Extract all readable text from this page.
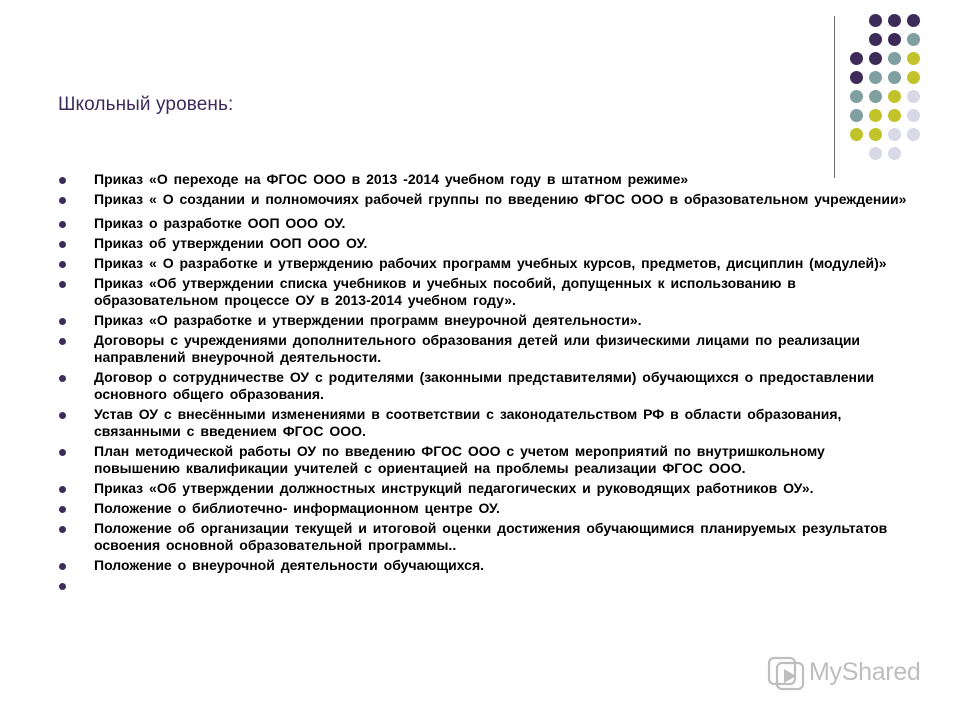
Школьный уровень:
Приказ «О переходе на ФГОС ООО в 2013 -2014 учебном году в штатном режиме»
Приказ « О создании и полномочиях рабочей группы по введению ФГОС ООО в образовательном учреждении»
Приказ о разработке ООП ООО ОУ.
Приказ об утверждении ООП ООО ОУ.
Приказ « О разработке и утверждению рабочих программ учебных курсов, предметов, дисциплин (модулей)»
Приказ «Об утверждении списка учебников и учебных пособий, допущенных к использованию в образовательном процессе ОУ в 2013-2014 учебном году».
Приказ «О разработке и утверждении программ внеурочной деятельности».
Договоры с учреждениями дополнительного образования детей или физическими лицами по реализации направлений внеурочной деятельности.
Договор о сотрудничестве ОУ с родителями (законными представителями) обучающихся о предоставлении основного общего образования.
Устав ОУ с внесёнными изменениями в соответствии с законодательством РФ в области образования, связанными с введением ФГОС ООО.
План методической работы ОУ по введению ФГОС ООО с учетом мероприятий по внутришкольному повышению квалификации учителей с ориентацией на проблемы реализации ФГОС ООО.
Приказ «Об утверждении должностных инструкций педагогических и руководящих работников ОУ».
Положение о библиотечно- информационном центре ОУ.
Положение об организации текущей и итоговой оценки достижения обучающимися планируемых результатов освоения основной образовательной программы..
Положение о внеурочной деятельности обучающихся.
MyShared
